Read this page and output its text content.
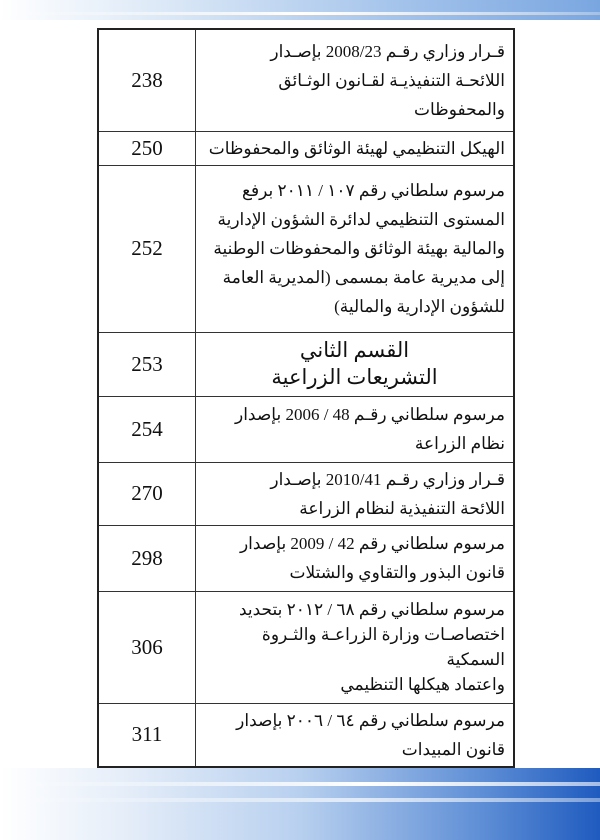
238	قـرار وزاري رقـم 2008/23 بإصـدار
اللائحـة التنفيذيـة لقـانون الوثـائق
والمحفوظات

250	الهيكل التنظيمي لهيئة الوثائق والمحفوظات

252	مرسوم سلطاني رقم ١٠٧ / ٢٠١١ برفع
المستوى التنظيمي لدائرة الشؤون الإدارية
والمالية بهيئة الوثائق والمحفوظات الوطنية
إلى مديرية عامة بمسمى (المديرية العامة
للشؤون الإدارية والمالية)

253	القسم الثاني
التشريعات الزراعية

254	مرسوم سلطاني رقـم 48 / 2006 بإصدار
نظام الزراعة

270	قـرار وزاري رقـم 2010/41 بإصـدار
اللائحة التنفيذية لنظام الزراعة

298	مرسوم سلطاني رقم 42 / 2009 بإصدار
قانون البذور والتقاوي والشتلات

306	مرسوم سلطاني رقم ٦٨ / ٢٠١٢ بتحديد
اختصاصـات وزارة الزراعـة والثـروة
السمكية
واعتماد هيكلها التنظيمي

311	مرسوم سلطاني رقم ٦٤ / ٢٠٠٦ بإصدار
قانون المبيدات
